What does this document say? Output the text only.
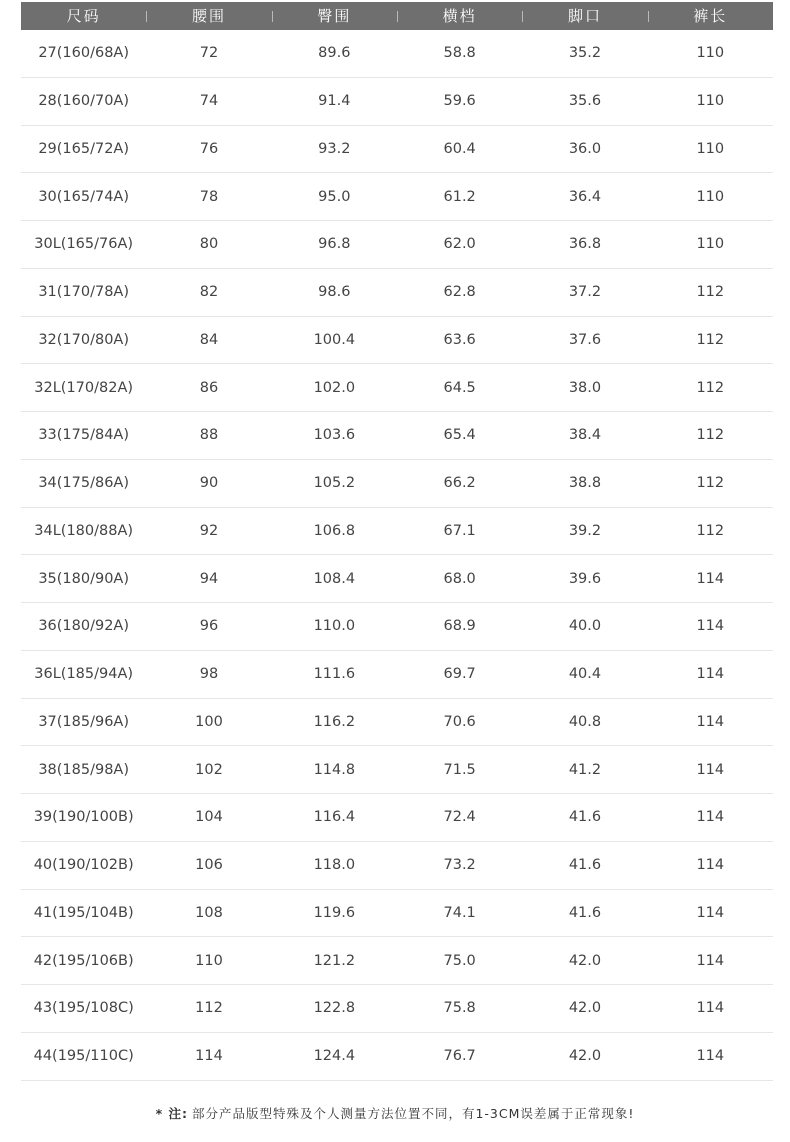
尺码	腰围	臀围	横档	脚口	裤长
27(160/68A)	72	89.6	58.8	35.2	110
28(160/70A)	74	91.4	59.6	35.6	110
29(165/72A)	76	93.2	60.4	36.0	110
30(165/74A)	78	95.0	61.2	36.4	110
30L(165/76A)	80	96.8	62.0	36.8	110
31(170/78A)	82	98.6	62.8	37.2	112
32(170/80A)	84	100.4	63.6	37.6	112
32L(170/82A)	86	102.0	64.5	38.0	112
33(175/84A)	88	103.6	65.4	38.4	112
34(175/86A)	90	105.2	66.2	38.8	112
34L(180/88A)	92	106.8	67.1	39.2	112
35(180/90A)	94	108.4	68.0	39.6	114
36(180/92A)	96	110.0	68.9	40.0	114
36L(185/94A)	98	111.6	69.7	40.4	114
37(185/96A)	100	116.2	70.6	40.8	114
38(185/98A)	102	114.8	71.5	41.2	114
39(190/100B)	104	116.4	72.4	41.6	114
40(190/102B)	106	118.0	73.2	41.6	114
41(195/104B)	108	119.6	74.1	41.6	114
42(195/106B)	110	121.2	75.0	42.0	114
43(195/108C)	112	122.8	75.8	42.0	114
44(195/110C)	114	124.4	76.7	42.0	114
* 注: 部分产品版型特殊及个人测量方法位置不同，有1-3CM误差属于正常现象!
